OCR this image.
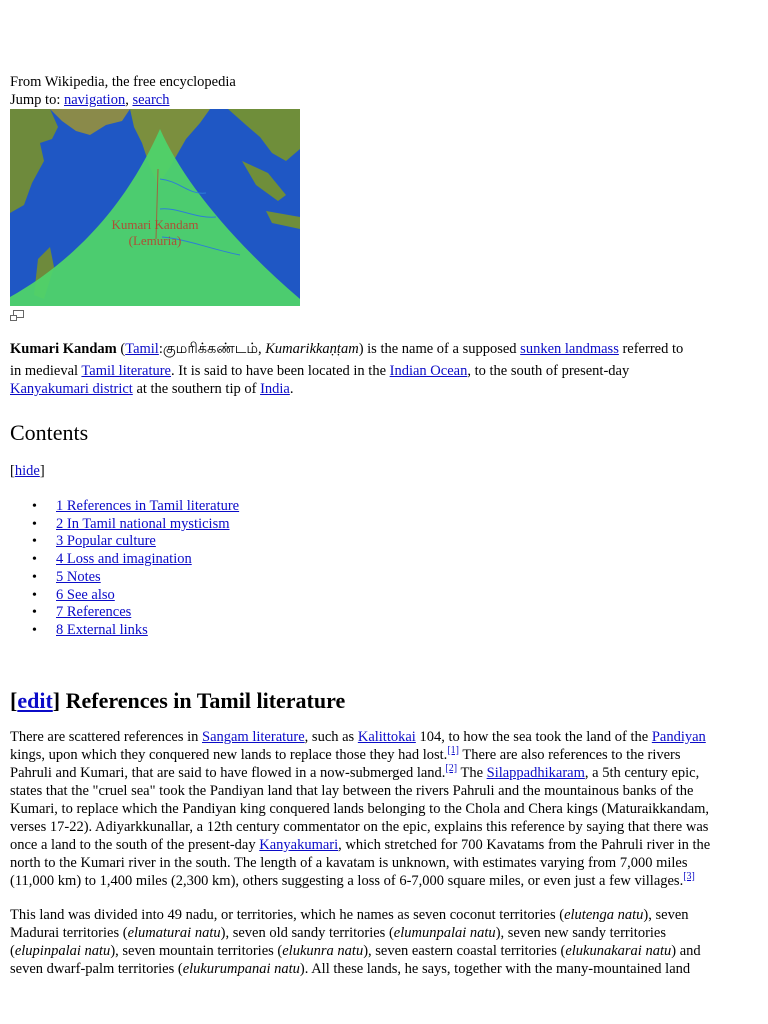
From Wikipedia, the free encyclopedia
Jump to: navigation, search
Kumari Kandam
(Lemuria)
Kumari Kandam (Tamil:குமரிக்கண்டம், Kumarikkaṇṭam) is the name of a supposed sunken landmass referred to
in medieval Tamil literature. It is said to have been located in the Indian Ocean, to the south of present-day
Kanyakumari district at the southern tip of India.
Contents
[hide]
• 1 References in Tamil literature
• 2 In Tamil national mysticism
• 3 Popular culture
• 4 Loss and imagination
• 5 Notes
• 6 See also
• 7 References
• 8 External links
[edit] References in Tamil literature
There are scattered references in Sangam literature, such as Kalittokai 104, to how the sea took the land of the Pandiyan
kings, upon which they conquered new lands to replace those they had lost.[1] There are also references to the rivers
Pahruli and Kumari, that are said to have flowed in a now-submerged land.[2] The Silappadhikaram, a 5th century epic,
states that the "cruel sea" took the Pandiyan land that lay between the rivers Pahruli and the mountainous banks of the
Kumari, to replace which the Pandiyan king conquered lands belonging to the Chola and Chera kings (Maturaikkandam,
verses 17-22). Adiyarkkunallar, a 12th century commentator on the epic, explains this reference by saying that there was
once a land to the south of the present-day Kanyakumari, which stretched for 700 Kavatams from the Pahruli river in the
north to the Kumari river in the south. The length of a kavatam is unknown, with estimates varying from 7,000 miles
(11,000 km) to 1,400 miles (2,300 km), others suggesting a loss of 6-7,000 square miles, or even just a few villages.[3]
This land was divided into 49 nadu, or territories, which he names as seven coconut territories (elutenga natu), seven
Madurai territories (elumaturai natu), seven old sandy territories (elumunpalai natu), seven new sandy territories
(elupinpalai natu), seven mountain territories (elukunra natu), seven eastern coastal territories (elukunakarai natu) and
seven dwarf-palm territories (elukurumpanai natu). All these lands, he says, together with the many-mountained land
